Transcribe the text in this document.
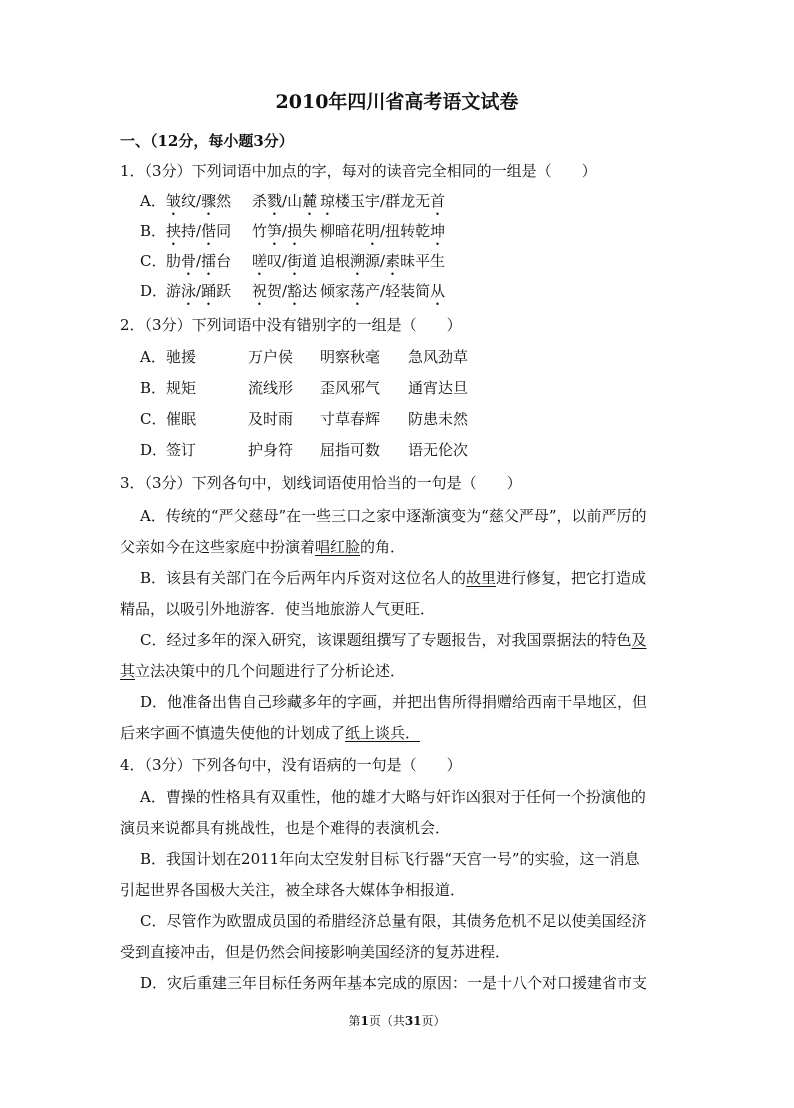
2010年四川省高考语文试卷
一、（12分，每小题3分）
1．（3分）下列词语中加点的字，每对的读音完全相同的一组是（　　）
A．皱纹/骤然 杀戮/山麓 琼楼玉宇/群龙无首
B．挟持/偕同 竹笋/损失 柳暗花明/扭转乾坤
C．肋骨/擂台 嗟叹/街道 追根溯源/素昧平生
D．游泳/踊跃 祝贺/豁达 倾家荡产/轻装简从
2．（3分）下列词语中没有错别字的一组是（　　）
A．驰援	万户侯 明察秋毫 急风劲草
B．规矩	流线形 歪风邪气 通宵达旦
C．催眠	及时雨 寸草春辉 防患未然
D．签订	护身符 屈指可数 语无伦次
3．（3分）下列各句中，划线词语使用恰当的一句是（　　）
A．传统的“严父慈母”在一些三口之家中逐渐演变为“慈父严母”，以前严厉的
父亲如今在这些家庭中扮演着唱红脸的角．
B．该县有关部门在今后两年内斥资对这位名人的故里进行修复，把它打造成
精品，以吸引外地游客．使当地旅游人气更旺．
C．经过多年的深入研究，该课题组撰写了专题报告，对我国票据法的特色及
其立法决策中的几个问题进行了分析论述．
D．他准备出售自己珍藏多年的字画，并把出售所得捐赠给西南干旱地区，但
后来字画不慎遗失使他的计划成了纸上谈兵．
4．（3分）下列各句中，没有语病的一句是（　　）
A．曹操的性格具有双重性，他的雄才大略与奸诈凶狠对于任何一个扮演他的
演员来说都具有挑战性，也是个难得的表演机会．
B．我国计划在2011年向太空发射目标飞行器“天宫一号”的实验，这一消息
引起世界各国极大关注，被全球各大媒体争相报道．
C．尽管作为欧盟成员国的希腊经济总量有限，其债务危机不足以使美国经济
受到直接冲击，但是仍然会间接影响美国经济的复苏进程．
D．灾后重建三年目标任务两年基本完成的原因：一是十八个对口援建省市支
第1页（共31页）
